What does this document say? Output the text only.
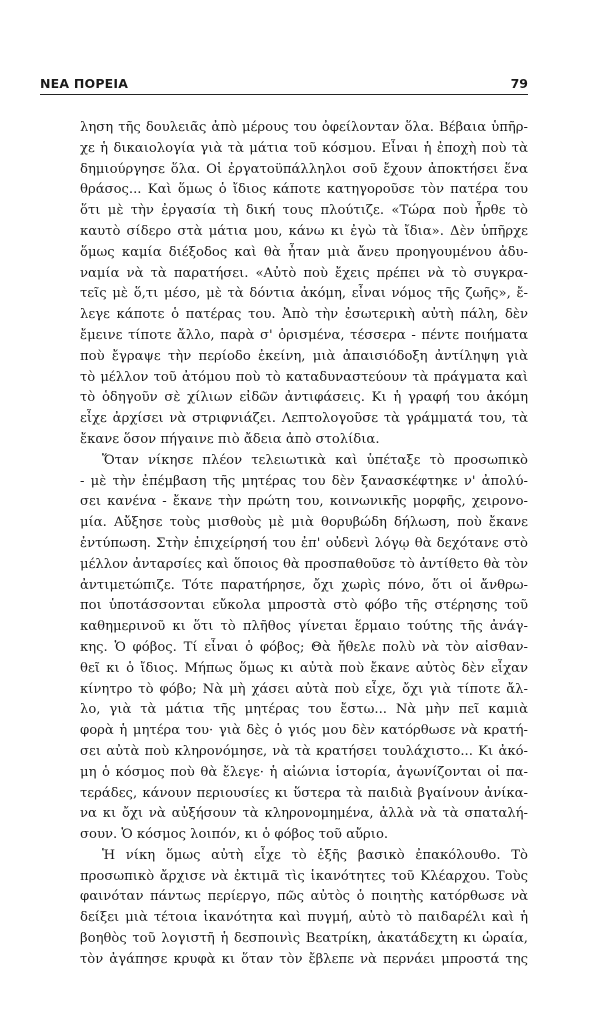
ΝΕΑ ΠΟΡΕΙΑ	79
ληση τῆς δουλειᾶς ἀπὸ μέρους του ὀφείλονταν ὅλα. Βέβαια ὑπῆρ-
χε ἡ δικαιολογία γιὰ τὰ μάτια τοῦ κόσμου. Εἶναι ἡ ἐποχὴ ποὺ τὰ
δημιούργησε ὅλα. Οἱ ἐργατοϋπάλληλοι σοῦ ἔχουν ἀποκτήσει ἕνα
θράσος... Καὶ ὅμως ὁ ἴδιος κάποτε κατηγοροῦσε τὸν πατέρα του
ὅτι μὲ τὴν ἐργασία τὴ δική τους πλούτιζε. «Τώρα ποὺ ἦρθε τὸ
καυτὸ σίδερο στὰ μάτια μου, κάνω κι ἐγὼ τὰ ἴδια». Δὲν ὑπῆρχε
ὅμως καμία διέξοδος καὶ θὰ ἦταν μιὰ ἄνευ προηγουμένου ἀδυ-
ναμία νὰ τὰ παρατήσει. «Αὐτὸ ποὺ ἔχεις πρέπει νὰ τὸ συγκρα-
τεῖς μὲ ὅ,τι μέσο, μὲ τὰ δόντια ἀκόμη, εἶναι νόμος τῆς ζωῆς», ἔ-
λεγε κάποτε ὁ πατέρας του. Ἀπὸ τὴν ἐσωτερικὴ αὐτὴ πάλη, δὲν
ἔμεινε τίποτε ἄλλο, παρὰ σ' ὁρισμένα, τέσσερα - πέντε ποιήματα
ποὺ ἔγραψε τὴν περίοδο ἐκείνη, μιὰ ἀπαισιόδοξη ἀντίληψη γιὰ
τὸ μέλλον τοῦ ἀτόμου ποὺ τὸ καταδυναστεύουν τὰ πράγματα καὶ
τὸ ὁδηγοῦν σὲ χίλιων εἰδῶν ἀντιφάσεις. Κι ἡ γραφή του ἀκόμη
εἶχε ἀρχίσει νὰ στριφνιάζει. Λεπτολογοῦσε τὰ γράμματά του, τὰ
ἔκανε ὅσον πήγαινε πιὸ ἄδεια ἀπὸ στολίδια.
Ὅταν νίκησε πλέον τελειωτικὰ καὶ ὑπέταξε τὸ προσωπικὸ
- μὲ τὴν ἐπέμβαση τῆς μητέρας του δὲν ξανασκέφτηκε ν' ἀπολύ-
σει κανένα - ἔκανε τὴν πρώτη του, κοινωνικῆς μορφῆς, χειρονο-
μία. Αὔξησε τοὺς μισθοὺς μὲ μιὰ θορυβώδη δήλωση, ποὺ ἔκανε
ἐντύπωση. Στὴν ἐπιχείρησή του ἐπ' οὐδενὶ λόγῳ θὰ δεχότανε στὸ
μέλλον ἀνταρσίες καὶ ὅποιος θὰ προσπαθοῦσε τὸ ἀντίθετο θὰ τὸν
ἀντιμετώπιζε. Τότε παρατήρησε, ὄχι χωρὶς πόνο, ὅτι οἱ ἄνθρω-
ποι ὑποτάσσονται εὔκολα μπροστὰ στὸ φόβο τῆς στέρησης τοῦ
καθημερινοῦ κι ὅτι τὸ πλῆθος γίνεται ἕρμαιο τούτης τῆς ἀνάγ-
κης. Ὁ φόβος. Τί εἶναι ὁ φόβος; Θὰ ἤθελε πολὺ νὰ τὸν αἰσθαν-
θεῖ κι ὁ ἴδιος. Μήπως ὅμως κι αὐτὰ ποὺ ἔκανε αὐτὸς δὲν εἶχαν
κίνητρο τὸ φόβο; Νὰ μὴ χάσει αὐτὰ ποὺ εἶχε, ὄχι γιὰ τίποτε ἄλ-
λο, γιὰ τὰ μάτια τῆς μητέρας του ἔστω... Νὰ μὴν πεῖ καμιὰ
φορὰ ἡ μητέρα του· γιὰ δὲς ὁ γιός μου δὲν κατόρθωσε νὰ κρατή-
σει αὐτὰ ποὺ κληρονόμησε, νὰ τὰ κρατήσει τουλάχιστο... Κι ἀκό-
μη ὁ κόσμος ποὺ θὰ ἔλεγε· ἡ αἰώνια ἱστορία, ἀγωνίζονται οἱ πα-
τεράδες, κάνουν περιουσίες κι ὕστερα τὰ παιδιὰ βγαίνουν ἀνίκα-
να κι ὄχι νὰ αὐξήσουν τὰ κληρονομημένα, ἀλλὰ νὰ τὰ σπαταλή-
σουν. Ὁ κόσμος λοιπόν, κι ὁ φόβος τοῦ αὔριο.
Ἡ νίκη ὅμως αὐτὴ εἶχε τὸ ἑξῆς βασικὸ ἐπακόλουθο. Τὸ
προσωπικὸ ἄρχισε νὰ ἐκτιμᾶ τὶς ἱκανότητες τοῦ Κλέαρχου. Τοὺς
φαινόταν πάντως περίεργο, πῶς αὐτὸς ὁ ποιητὴς κατόρθωσε νὰ
δείξει μιὰ τέτοια ἱκανότητα καὶ πυγμή, αὐτὸ τὸ παιδαρέλι καὶ ἡ
βοηθὸς τοῦ λογιστῆ ἡ δεσποινὶς Βεατρίκη, ἀκατάδεχτη κι ὡραία,
τὸν ἀγάπησε κρυφὰ κι ὅταν τὸν ἔβλεπε νὰ περνάει μπροστά της
